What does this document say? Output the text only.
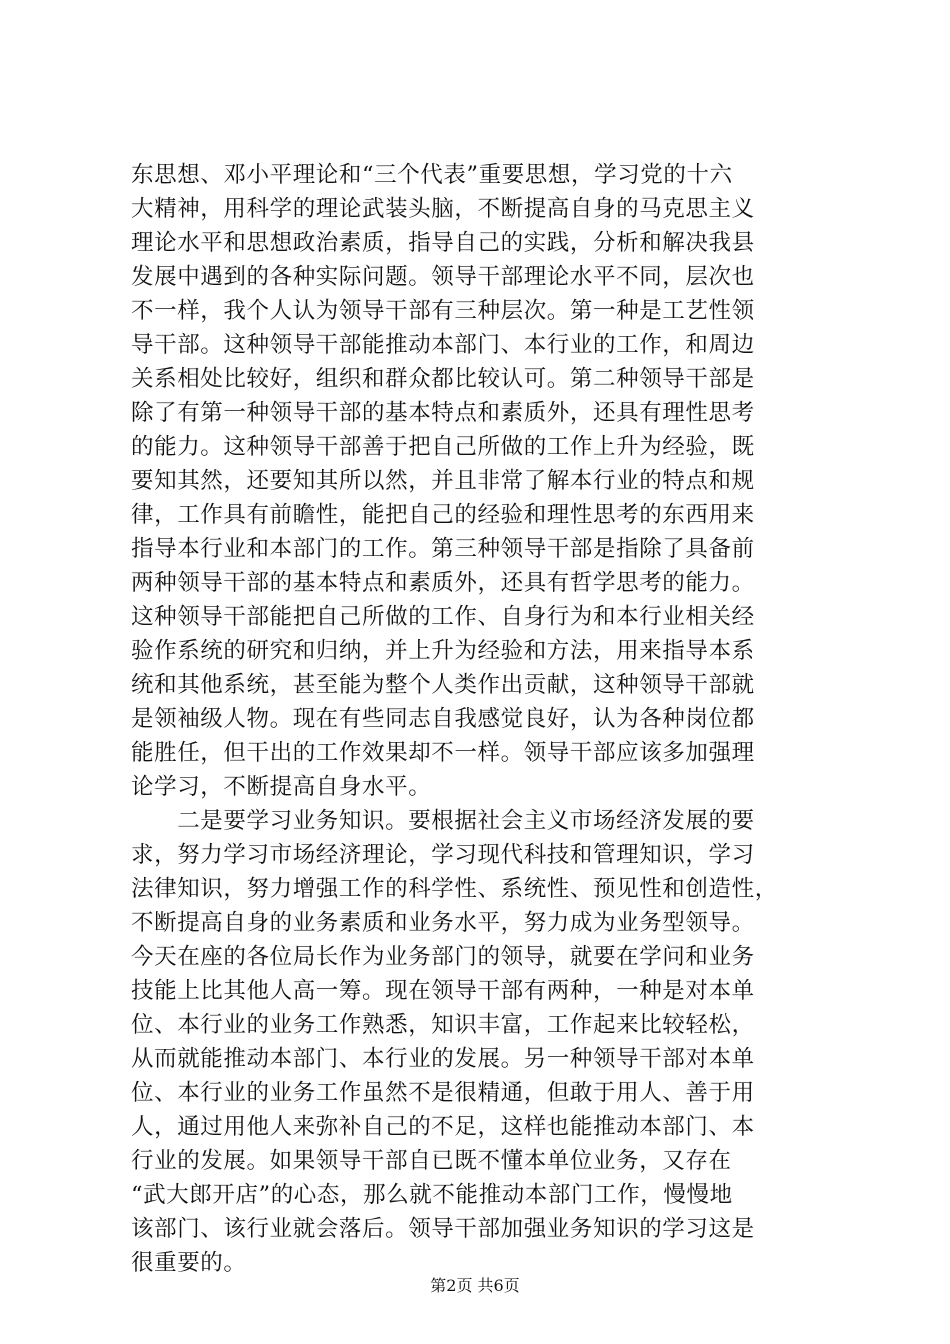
东思想、邓小平理论和“三个代表”重要思想，学习党的十六
大精神，用科学的理论武装头脑，不断提高自身的马克思主义
理论水平和思想政治素质，指导自己的实践，分析和解决我县
发展中遇到的各种实际问题。领导干部理论水平不同，层次也
不一样，我个人认为领导干部有三种层次。第一种是工艺性领
导干部。这种领导干部能推动本部门、本行业的工作，和周边
关系相处比较好，组织和群众都比较认可。第二种领导干部是
除了有第一种领导干部的基本特点和素质外，还具有理性思考
的能力。这种领导干部善于把自己所做的工作上升为经验，既
要知其然，还要知其所以然，并且非常了解本行业的特点和规
律，工作具有前瞻性，能把自己的经验和理性思考的东西用来
指导本行业和本部门的工作。第三种领导干部是指除了具备前
两种领导干部的基本特点和素质外，还具有哲学思考的能力。
这种领导干部能把自己所做的工作、自身行为和本行业相关经
验作系统的研究和归纳，并上升为经验和方法，用来指导本系
统和其他系统，甚至能为整个人类作出贡献，这种领导干部就
是领袖级人物。现在有些同志自我感觉良好，认为各种岗位都
能胜任，但干出的工作效果却不一样。领导干部应该多加强理
论学习，不断提高自身水平。
　　二是要学习业务知识。要根据社会主义市场经济发展的要
求，努力学习市场经济理论，学习现代科技和管理知识，学习
法律知识，努力增强工作的科学性、系统性、预见性和创造性，
不断提高自身的业务素质和业务水平，努力成为业务型领导。
今天在座的各位局长作为业务部门的领导，就要在学问和业务
技能上比其他人高一筹。现在领导干部有两种，一种是对本单
位、本行业的业务工作熟悉，知识丰富，工作起来比较轻松，
从而就能推动本部门、本行业的发展。另一种领导干部对本单
位、本行业的业务工作虽然不是很精通，但敢于用人、善于用
人，通过用他人来弥补自己的不足，这样也能推动本部门、本
行业的发展。如果领导干部自已既不懂本单位业务，又存在
“武大郎开店”的心态，那么就不能推动本部门工作，慢慢地
该部门、该行业就会落后。领导干部加强业务知识的学习这是
很重要的。
第2页 共6页
